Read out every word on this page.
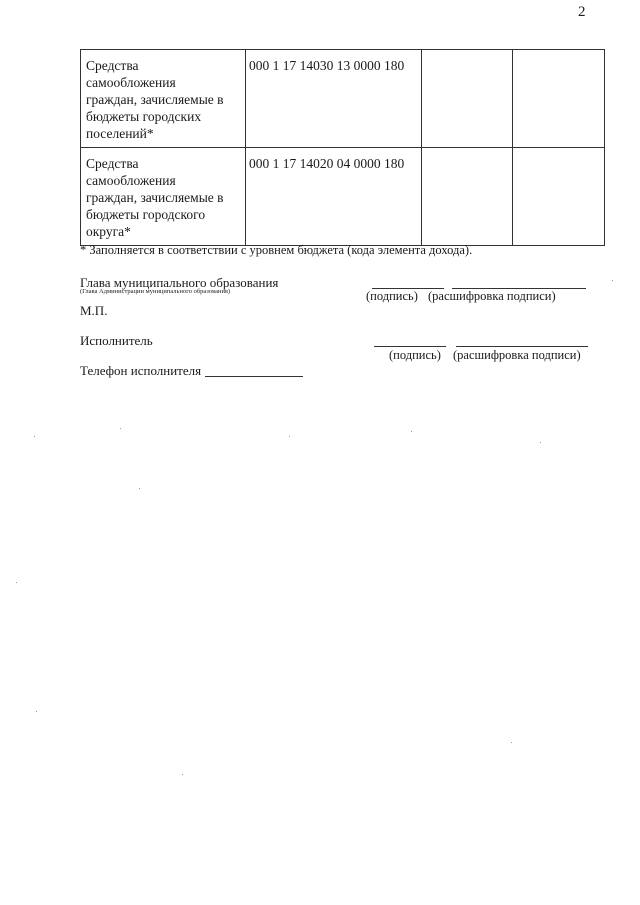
2
Средства
самообложения
граждан, зачисляемые в
бюджеты городских
поселений*	000 1 17 14030 13 0000 180		
Средства
самообложения
граждан, зачисляемые в
бюджеты городского
округа*	000 1 17 14020 04 0000 180		
* Заполняется в соответствии с уровнем бюджета (кода элемента дохода).
Глава муниципального образования
(Глава Администрации муниципального образования)	(подпись) (расшифровка подписи)
М.П.
Исполнитель
(подпись) (расшифровка подписи)
Телефон исполнителя
